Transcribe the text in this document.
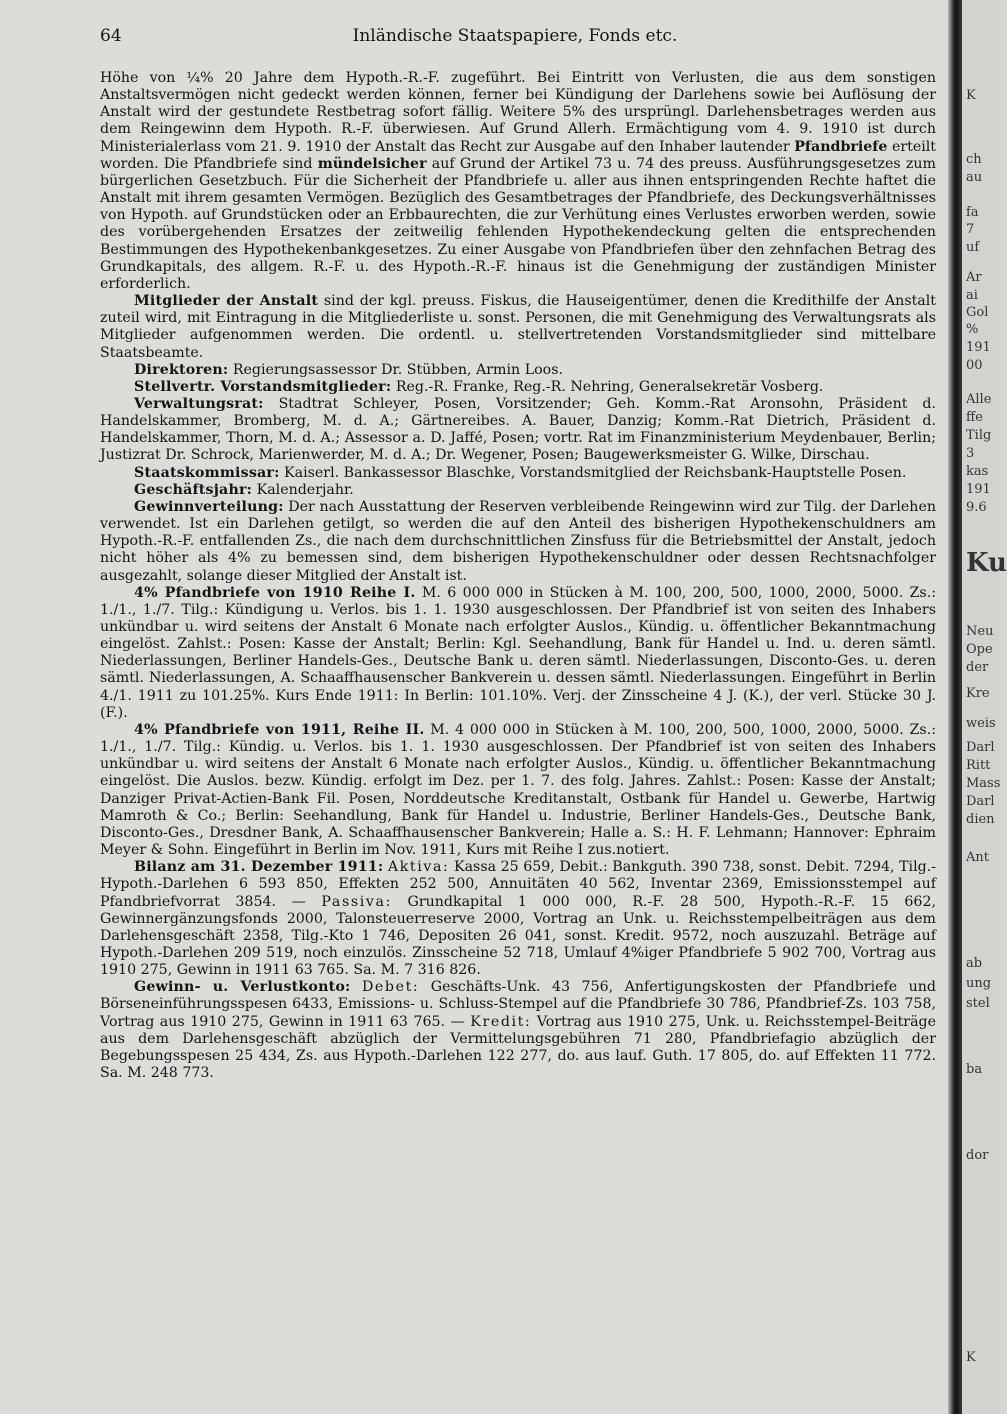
64	Inländische Staatspapiere, Fonds etc.

Höhe von ¼% 20 Jahre dem Hypoth.-R.-F. zugeführt. Bei Eintritt von Verlusten, die aus dem sonstigen Anstaltsvermögen nicht gedeckt werden können, ferner bei Kündigung der Darlehens sowie bei Auflösung der Anstalt wird der gestundete Restbetrag sofort fällig. Weitere 5% des ursprüngl. Darlehensbetrages werden aus dem Reingewinn dem Hypoth. R.-F. überwiesen. Auf Grund Allerh. Ermächtigung vom 4. 9. 1910 ist durch Ministerialerlass vom 21. 9. 1910 der Anstalt das Recht zur Ausgabe auf den Inhaber lautender Pfandbriefe erteilt worden. Die Pfandbriefe sind mündelsicher auf Grund der Artikel 73 u. 74 des preuss. Ausführungsgesetzes zum bürgerlichen Gesetzbuch. Für die Sicherheit der Pfandbriefe u. aller aus ihnen entspringenden Rechte haftet die Anstalt mit ihrem gesamten Vermögen. Bezüglich des Gesamtbetrages der Pfandbriefe, des Deckungsverhältnisses von Hypoth. auf Grundstücken oder an Erbbaurechten, die zur Verhütung eines Verlustes erworben werden, sowie des vorübergehenden Ersatzes der zeitweilig fehlenden Hypothekendeckung gelten die entsprechenden Bestimmungen des Hypothekenbankgesetzes. Zu einer Ausgabe von Pfandbriefen über den zehnfachen Betrag des Grundkapitals, des allgem. R.-F. u. des Hypoth.-R.-F. hinaus ist die Genehmigung der zuständigen Minister erforderlich.

Mitglieder der Anstalt sind der kgl. preuss. Fiskus, die Hauseigentümer, denen die Kredithilfe der Anstalt zuteil wird, mit Eintragung in die Mitgliederliste u. sonst. Personen, die mit Genehmigung des Verwaltungsrats als Mitglieder aufgenommen werden. Die ordentl. u. stellvertretenden Vorstandsmitglieder sind mittelbare Staatsbeamte.

Direktoren: Regierungsassessor Dr. Stübben, Armin Loos.

Stellvertr. Vorstandsmitglieder: Reg.-R. Franke, Reg.-R. Nehring, Generalsekretär Vosberg.

Verwaltungsrat: Stadtrat Schleyer, Posen, Vorsitzender; Geh. Komm.-Rat Aronsohn, Präsident d. Handelskammer, Bromberg, M. d. A.; Gärtnereibes. A. Bauer, Danzig; Komm.-Rat Dietrich, Präsident d. Handelskammer, Thorn, M. d. A.; Assessor a. D. Jaffé, Posen; vortr. Rat im Finanzministerium Meydenbauer, Berlin; Justizrat Dr. Schrock, Marienwerder, M. d. A.; Dr. Wegener, Posen; Baugewerksmeister G. Wilke, Dirschau.

Staatskommissar: Kaiserl. Bankassessor Blaschke, Vorstandsmitglied der Reichsbank-Hauptstelle Posen.

Geschäftsjahr: Kalenderjahr.

Gewinnverteilung: Der nach Ausstattung der Reserven verbleibende Reingewinn wird zur Tilg. der Darlehen verwendet. Ist ein Darlehen getilgt, so werden die auf den Anteil des bisherigen Hypothekenschuldners am Hypoth.-R.-F. entfallenden Zs., die nach dem durchschnittlichen Zinsfuss für die Betriebsmittel der Anstalt, jedoch nicht höher als 4% zu bemessen sind, dem bisherigen Hypothekenschuldner oder dessen Rechtsnachfolger ausgezahlt, solange dieser Mitglied der Anstalt ist.

4% Pfandbriefe von 1910 Reihe I. M. 6 000 000 in Stücken à M. 100, 200, 500, 1000, 2000, 5000. Zs.: 1./1., 1./7. Tilg.: Kündigung u. Verlos. bis 1. 1. 1930 ausgeschlossen. Der Pfandbrief ist von seiten des Inhabers unkündbar u. wird seitens der Anstalt 6 Monate nach erfolgter Auslos., Kündig. u. öffentlicher Bekanntmachung eingelöst. Zahlst.: Posen: Kasse der Anstalt; Berlin: Kgl. Seehandlung, Bank für Handel u. Ind. u. deren sämtl. Niederlassungen, Berliner Handels-Ges., Deutsche Bank u. deren sämtl. Niederlassungen, Disconto-Ges. u. deren sämtl. Niederlassungen, A. Schaaffhausenscher Bankverein u. dessen sämtl. Niederlassungen. Eingeführt in Berlin 4./1. 1911 zu 101.25%. Kurs Ende 1911: In Berlin: 101.10%. Verj. der Zinsscheine 4 J. (K.), der verl. Stücke 30 J. (F.).

4% Pfandbriefe von 1911, Reihe II. M. 4 000 000 in Stücken à M. 100, 200, 500, 1000, 2000, 5000. Zs.: 1./1., 1./7. Tilg.: Kündig. u. Verlos. bis 1. 1. 1930 ausgeschlossen. Der Pfandbrief ist von seiten des Inhabers unkündbar u. wird seitens der Anstalt 6 Monate nach erfolgter Auslos., Kündig. u. öffentlicher Bekanntmachung eingelöst. Die Auslos. bezw. Kündig. erfolgt im Dez. per 1. 7. des folg. Jahres. Zahlst.: Posen: Kasse der Anstalt; Danziger Privat-Actien-Bank Fil. Posen, Norddeutsche Kreditanstalt, Ostbank für Handel u. Gewerbe, Hartwig Mamroth & Co.; Berlin: Seehandlung, Bank für Handel u. Industrie, Berliner Handels-Ges., Deutsche Bank, Disconto-Ges., Dresdner Bank, A. Schaaffhausenscher Bankverein; Halle a. S.: H. F. Lehmann; Hannover: Ephraim Meyer & Sohn. Eingeführt in Berlin im Nov. 1911, Kurs mit Reihe I zus.notiert.

Bilanz am 31. Dezember 1911: Aktiva: Kassa 25 659, Debit.: Bankguth. 390 738, sonst. Debit. 7294, Tilg.-Hypoth.-Darlehen 6 593 850, Effekten 252 500, Annuitäten 40 562, Inventar 2369, Emissionsstempel auf Pfandbriefvorrat 3854. — Passiva: Grundkapital 1 000 000, R.-F. 28 500, Hypoth.-R.-F. 15 662, Gewinnergänzungsfonds 2000, Talonsteuerreserve 2000, Vortrag an Unk. u. Reichsstempelbeiträgen aus dem Darlehensgeschäft 2358, Tilg.-Kto 1 746, Depositen 26 041, sonst. Kredit. 9572, noch auszuzahl. Beträge auf Hypoth.-Darlehen 209 519, noch einzulös. Zinsscheine 52 718, Umlauf 4%iger Pfandbriefe 5 902 700, Vortrag aus 1910 275, Gewinn in 1911 63 765. Sa. M. 7 316 826.

Gewinn- u. Verlustkonto: Debet: Geschäfts-Unk. 43 756, Anfertigungskosten der Pfandbriefe und Börseneinführungsspesen 6433, Emissions- u. Schluss-Stempel auf die Pfandbriefe 30 786, Pfandbrief-Zs. 103 758, Vortrag aus 1910 275, Gewinn in 1911 63 765. — Kredit: Vortrag aus 1910 275, Unk. u. Reichsstempel-Beiträge aus dem Darlehensgeschäft abzüglich der Vermittelungsgebühren 71 280, Pfandbriefagio abzüglich der Begebungsspesen 25 434, Zs. aus Hypoth.-Darlehen 122 277, do. aus lauf. Guth. 17 805, do. auf Effekten 11 772. Sa. M. 248 773.

K
ch
au
fa
7
uf
Ar
ai
Gol
%
191
00
Alle
ffe
Tilg
3
kas
191
9.6
Ku
Neu
Ope
der
Kre
weis
Darl
Ritt
Mass
Darl
dien
Ant
ab
ung
stel
ba
dor
K
